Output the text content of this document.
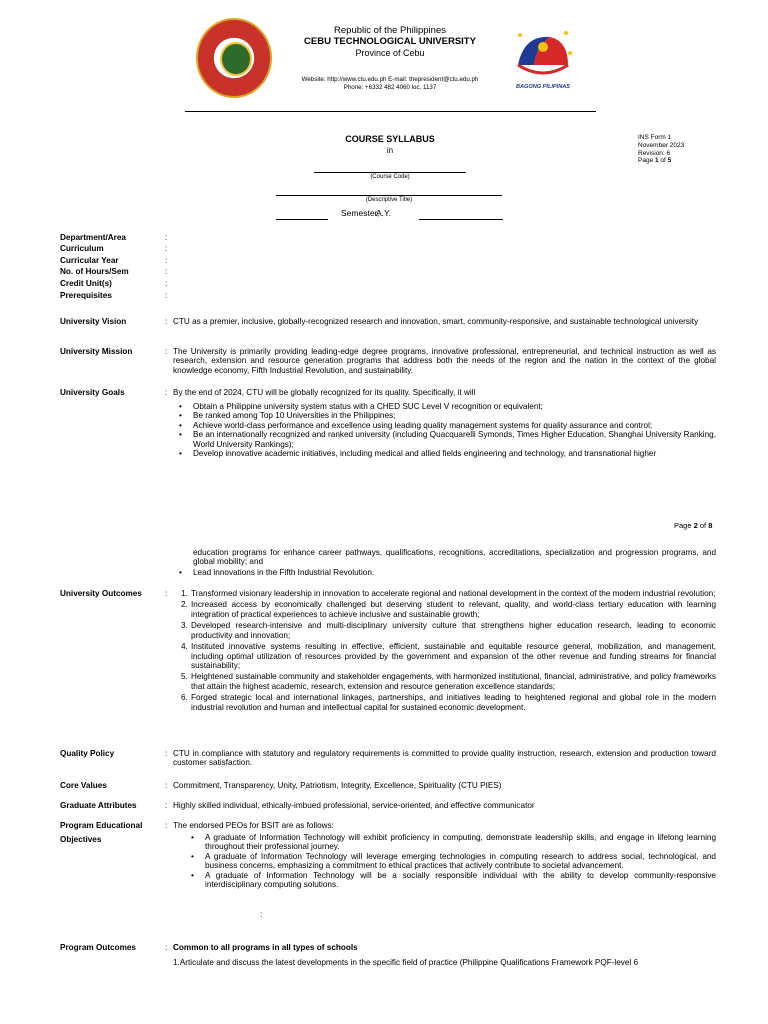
Republic of the Philippines
CEBU TECHNOLOGICAL UNIVERSITY
Province of Cebu
Website: http://www.ctu.edu.ph E-mail: thepresident@ctu.edu.ph
Phone: +6332 482 4060 loc. 1137	BAGONG PILIPINAS
COURSE SYLLABUS
in
(Course Code)
(Descriptive Title)
Semester,
A.Y.
INS Form 1
November 2023
Revision: 6
Page 1 of 5
Department/Area	:
Curriculum	:
Curricular Year	:
No. of Hours/Sem	:
Credit Unit(s)	:
Prerequisites	:
University Vision	: CTU as a premier, inclusive, globally-recognized research and innovation, smart, community-responsive, and sustainable technological university
University Mission	: The University is primarily providing leading-edge degree programs, innovative professional, entrepreneurial, and technical instruction as well as research, extension and resource generation programs that address both the needs of the region and the nation in the context of the global knowledge economy, Fifth Industrial Revolution, and sustainability.
University Goals	: By the end of 2024, CTU will be globally recognized for its quality. Specifically, it will
• Obtain a Philippine university system status with a CHED SUC Level V recognition or equivalent;
• Be ranked among Top 10 Universities in the Philippines;
• Achieve world-class performance and excellence using leading quality management systems for quality assurance and control;
• Be an internationally recognized and ranked university (including Quacquarelli Symonds, Times Higher Education, Shanghai University Ranking, World University Rankings);
• Develop innovative academic initiatives, including medical and allied fields engineering and technology, and transnational higher
Page 2 of 8
education programs for enhance career pathways, qualifications, recognitions, accreditations, specialization and progression programs, and global mobility; and
• Lead innovations in the Fifth Industrial Revolution.
University Outcomes	: 1. Transformed visionary leadership in innovation to accelerate regional and national development in the context of the modern industrial revolution;
2. Increased access by economically challenged but deserving student to relevant, quality, and world-class tertiary education with learning integration of practical experiences to achieve inclusive and sustainable growth;
3. Developed research-intensive and multi-disciplinary university culture that strengthens higher education research, leading to economic productivity and innovation;
4. Instituted innovative systems resulting in effective, efficient, sustainable and equitable resource general, mobilization, and management, including optimal utilization of resources provided by the government and expansion of the other revenue and funding streams for financial sustainability;
5. Heightened sustainable community and stakeholder engagements, with harmonized institutional, financial, administrative, and policy frameworks that attain the highest academic, research, extension and resource generation excellence standards;
6. Forged strategic local and international linkages, partnerships, and initiatives leading to heightened regional and global role in the modern industrial revolution and human and intellectual capital for sustained economic development.
Quality Policy	: CTU in compliance with statutory and regulatory requirements is committed to provide quality instruction, research, extension and production toward customer satisfaction.
Core Values	: Commitment, Transparency, Unity, Patriotism, Integrity, Excellence, Spirituality (CTU PIES)
Graduate Attributes	: Highly skilled individual, ethically-imbued professional, service-oriented, and effective communicator
Program Educational
Objectives
: The endorsed PEOs for BSIT are as follows:
• A graduate of Information Technology will exhibit proficiency in computing, demonstrate leadership skills, and engage in lifelong learning throughout their professional journey.
• A graduate of Information Technology will leverage emerging technologies in computing research to address social, technological, and business concerns, emphasizing a commitment to ethical practices that actively contribute to societal advancement.
• A graduate of Information Technology will be a socially responsible individual with the ability to develop community-responsive interdisciplinary computing solutions.
:
Program Outcomes	: Common to all programs in all types of schools
1.Articulate and discuss the latest developments in the specific field of practice (Philippine Qualifications Framework PQF-level 6
